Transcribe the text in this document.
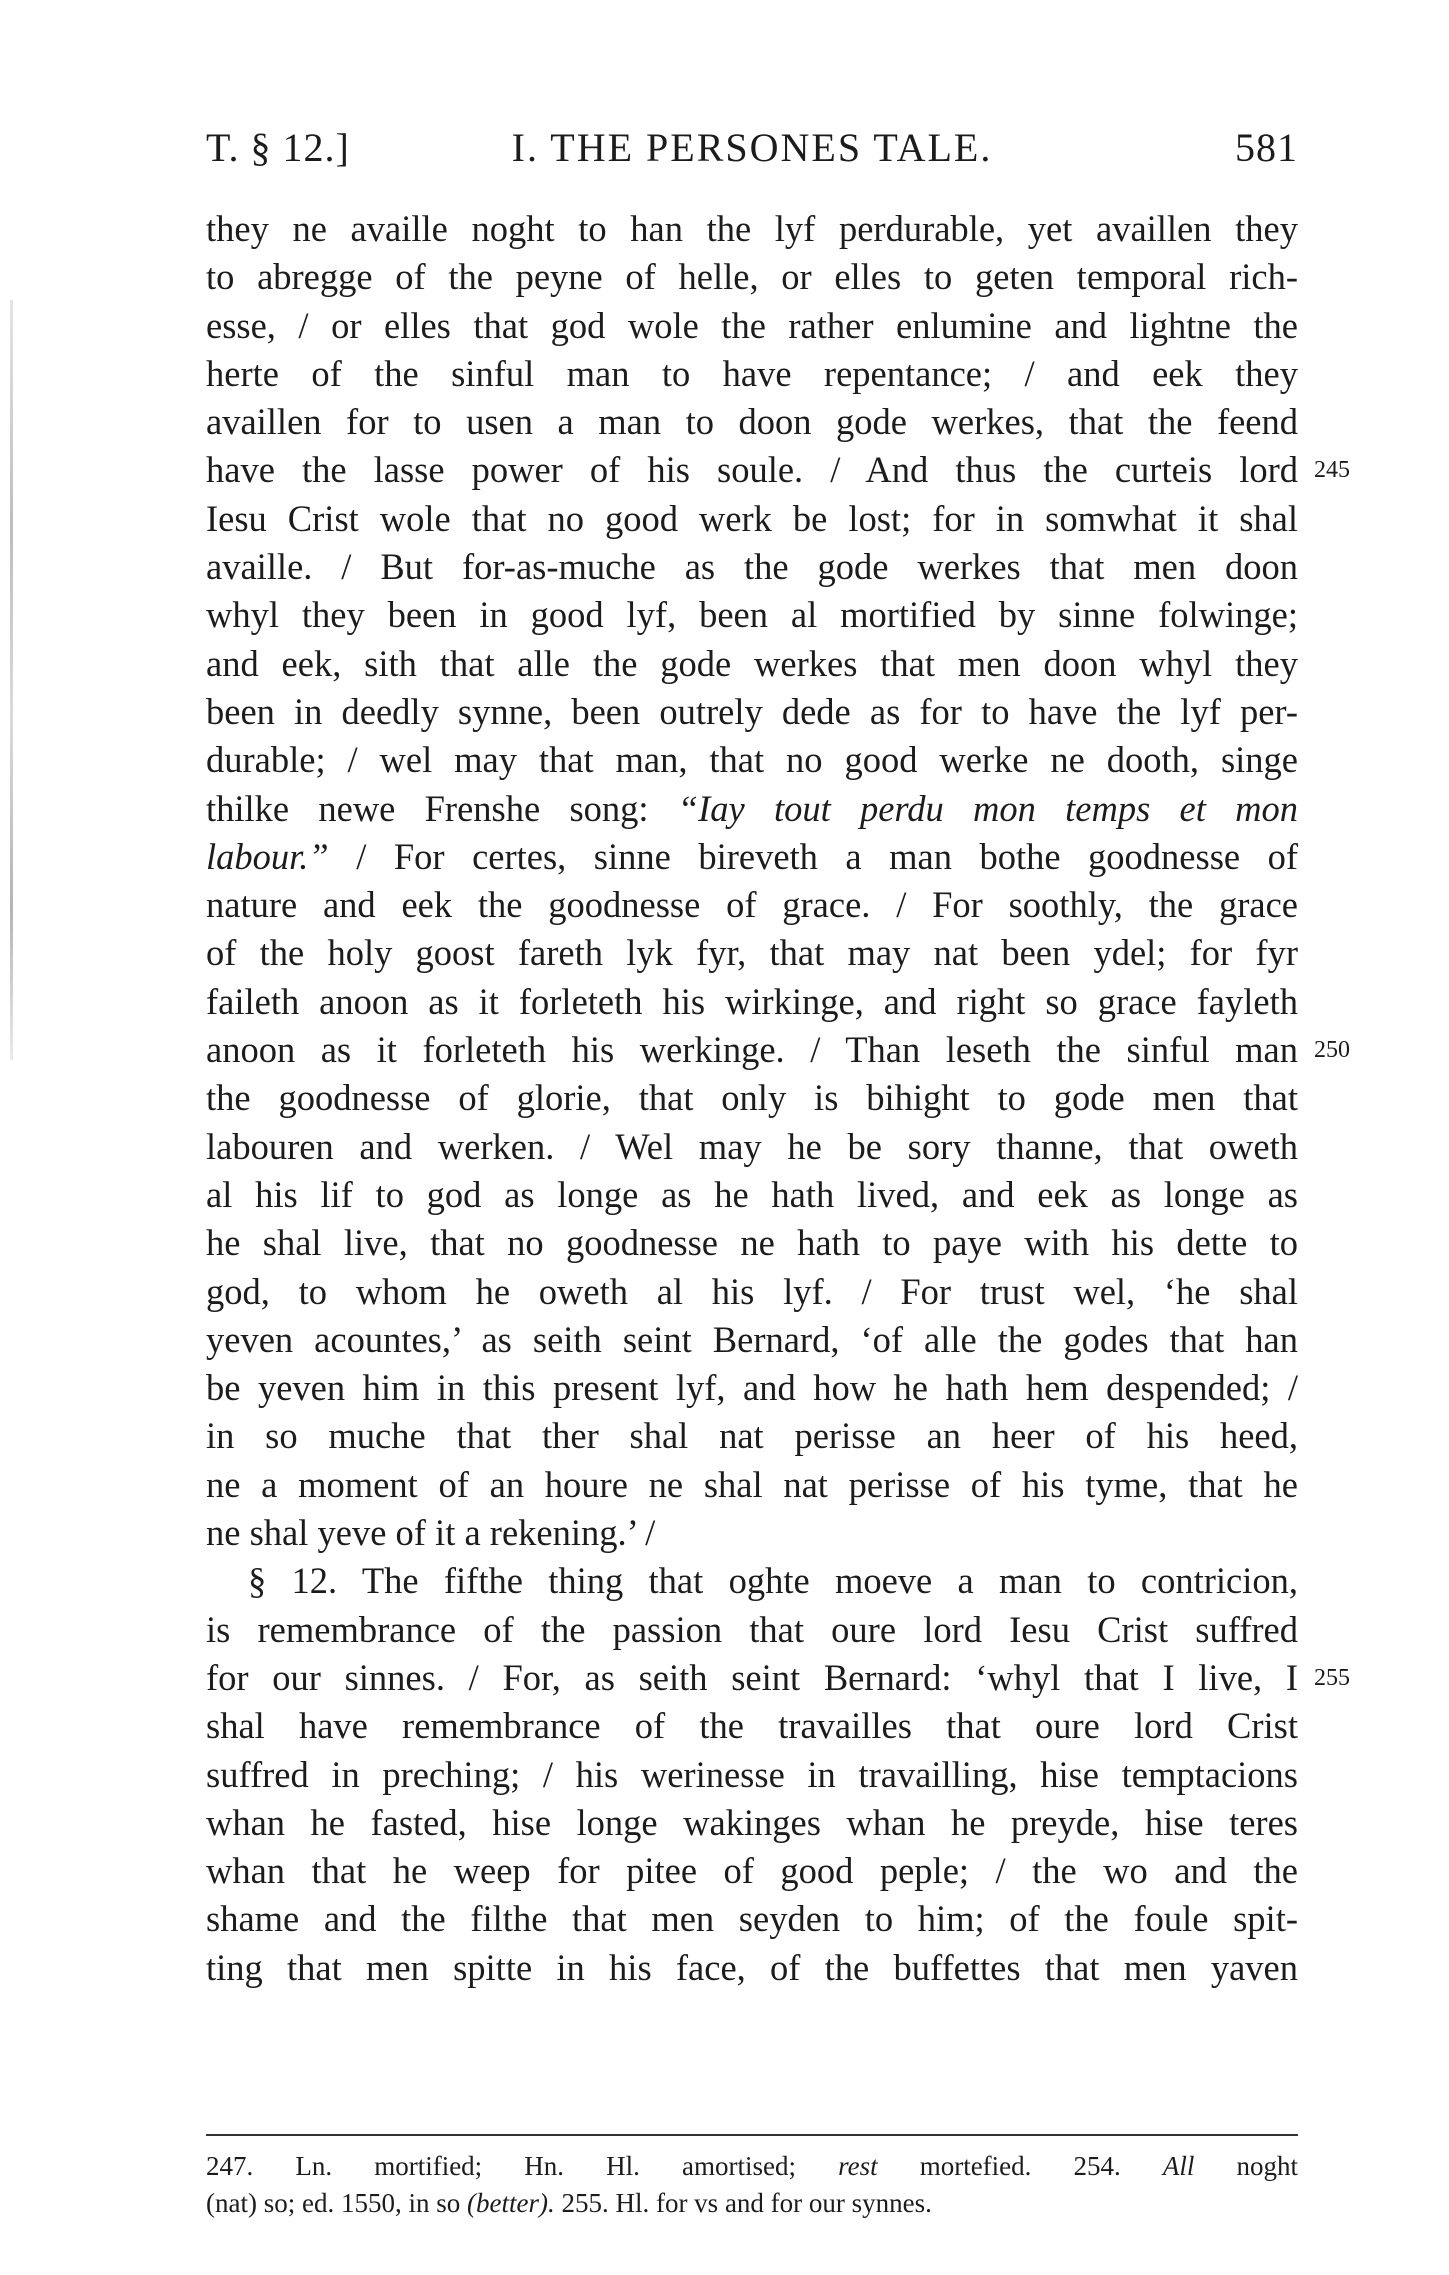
T. § 12.]	I. THE PERSONES TALE.	581
they ne availle noght to han the lyf perdurable, yet availlen they
to abregge of the peyne of helle, or elles to geten temporal rich-
esse, / or elles that god wole the rather enlumine and lightne the
herte of the sinful man to have repentance; / and eek they
availlen for to usen a man to doon gode werkes, that the feend
have the lasse power of his soule. / And thus the curteis lord 245
Iesu Crist wole that no good werk be lost; for in somwhat it shal
availle. / But for-as-muche as the gode werkes that men doon
whyl they been in good lyf, been al mortified by sinne folwinge;
and eek, sith that alle the gode werkes that men doon whyl they
been in deedly synne, been outrely dede as for to have the lyf per-
durable; / wel may that man, that no good werke ne dooth, singe
thilke newe Frenshe song: “Iay tout perdu mon temps et mon
labour.” / For certes, sinne bireveth a man bothe goodnesse of
nature and eek the goodnesse of grace. / For soothly, the grace
of the holy goost fareth lyk fyr, that may nat been ydel; for fyr
faileth anoon as it forleteth his wirkinge, and right so grace fayleth
anoon as it forleteth his werkinge. / Than leseth the sinful man 250
the goodnesse of glorie, that only is bihight to gode men that
labouren and werken. / Wel may he be sory thanne, that oweth
al his lif to god as longe as he hath lived, and eek as longe as
he shal live, that no goodnesse ne hath to paye with his dette to
god, to whom he oweth al his lyf. / For trust wel, ‘he shal
yeven acountes,’ as seith seint Bernard, ‘of alle the godes that han
be yeven him in this present lyf, and how he hath hem despended; /
in so muche that ther shal nat perisse an heer of his heed,
ne a moment of an houre ne shal nat perisse of his tyme, that he
ne shal yeve of it a rekening.’ /
§ 12. The fifthe thing that oghte moeve a man to contricion,
is remembrance of the passion that oure lord Iesu Crist suffred
for our sinnes. / For, as seith seint Bernard: ‘whyl that I live, I 255
shal have remembrance of the travailles that oure lord Crist
suffred in preching; / his werinesse in travailling, hise temptacions
whan he fasted, hise longe wakinges whan he preyde, hise teres
whan that he weep for pitee of good peple; / the wo and the
shame and the filthe that men seyden to him; of the foule spit-
ting that men spitte in his face, of the buffettes that men yaven
247. Ln. mortified; Hn. Hl. amortised; rest mortefied. 254. All noght
(nat) so; ed. 1550, in so (better). 255. Hl. for vs and for our synnes.
